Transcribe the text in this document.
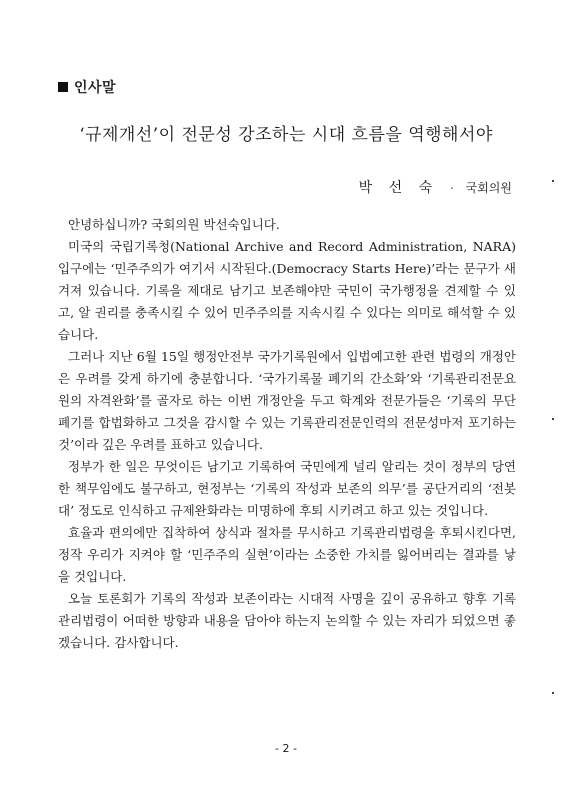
인사말
‘규제개선’이 전문성 강조하는 시대 흐름을 역행해서야
박 선 숙 · 국회의원

안녕하십니까? 국회의원 박선숙입니다.

미국의 국립기록청(National Archive and Record Administration, NARA) 입구에는 ‘민주주의가 여기서 시작된다.(Democracy Starts Here)’라는 문구가 새겨져 있습니다. 기록을 제대로 남기고 보존해야만 국민이 국가행정을 견제할 수 있고, 알 권리를 충족시킬 수 있어 민주주의를 지속시킬 수 있다는 의미로 해석할 수 있습니다.

그러나 지난 6월 15일 행정안전부 국가기록원에서 입법예고한 관련 법령의 개정안은 우려를 갖게 하기에 충분합니다. ‘국가기록물 폐기의 간소화’와 ‘기록관리전문요원의 자격완화’를 골자로 하는 이번 개정안을 두고 학계와 전문가들은 ‘기록의 무단폐기를 합법화하고 그것을 감시할 수 있는 기록관리전문인력의 전문성마저 포기하는 것’이라 깊은 우려를 표하고 있습니다.

정부가 한 일은 무엇이든 남기고 기록하여 국민에게 널리 알리는 것이 정부의 당연한 책무임에도 불구하고, 현정부는 ‘기록의 작성과 보존의 의무’를 공단거리의 ‘전봇대’ 정도로 인식하고 규제완화라는 미명하에 후퇴 시키려고 하고 있는 것입니다.

효율과 편의에만 집착하여 상식과 절차를 무시하고 기록관리법령을 후퇴시킨다면, 정작 우리가 지켜야 할 ‘민주주의 실현’이라는 소중한 가치를 잃어버리는 결과를 낳을 것입니다.

오늘 토론회가 기록의 작성과 보존이라는 시대적 사명을 깊이 공유하고 향후 기록관리법령이 어떠한 방향과 내용을 담아야 하는지 논의할 수 있는 자리가 되었으면 좋겠습니다. 감사합니다.

- 2 -
